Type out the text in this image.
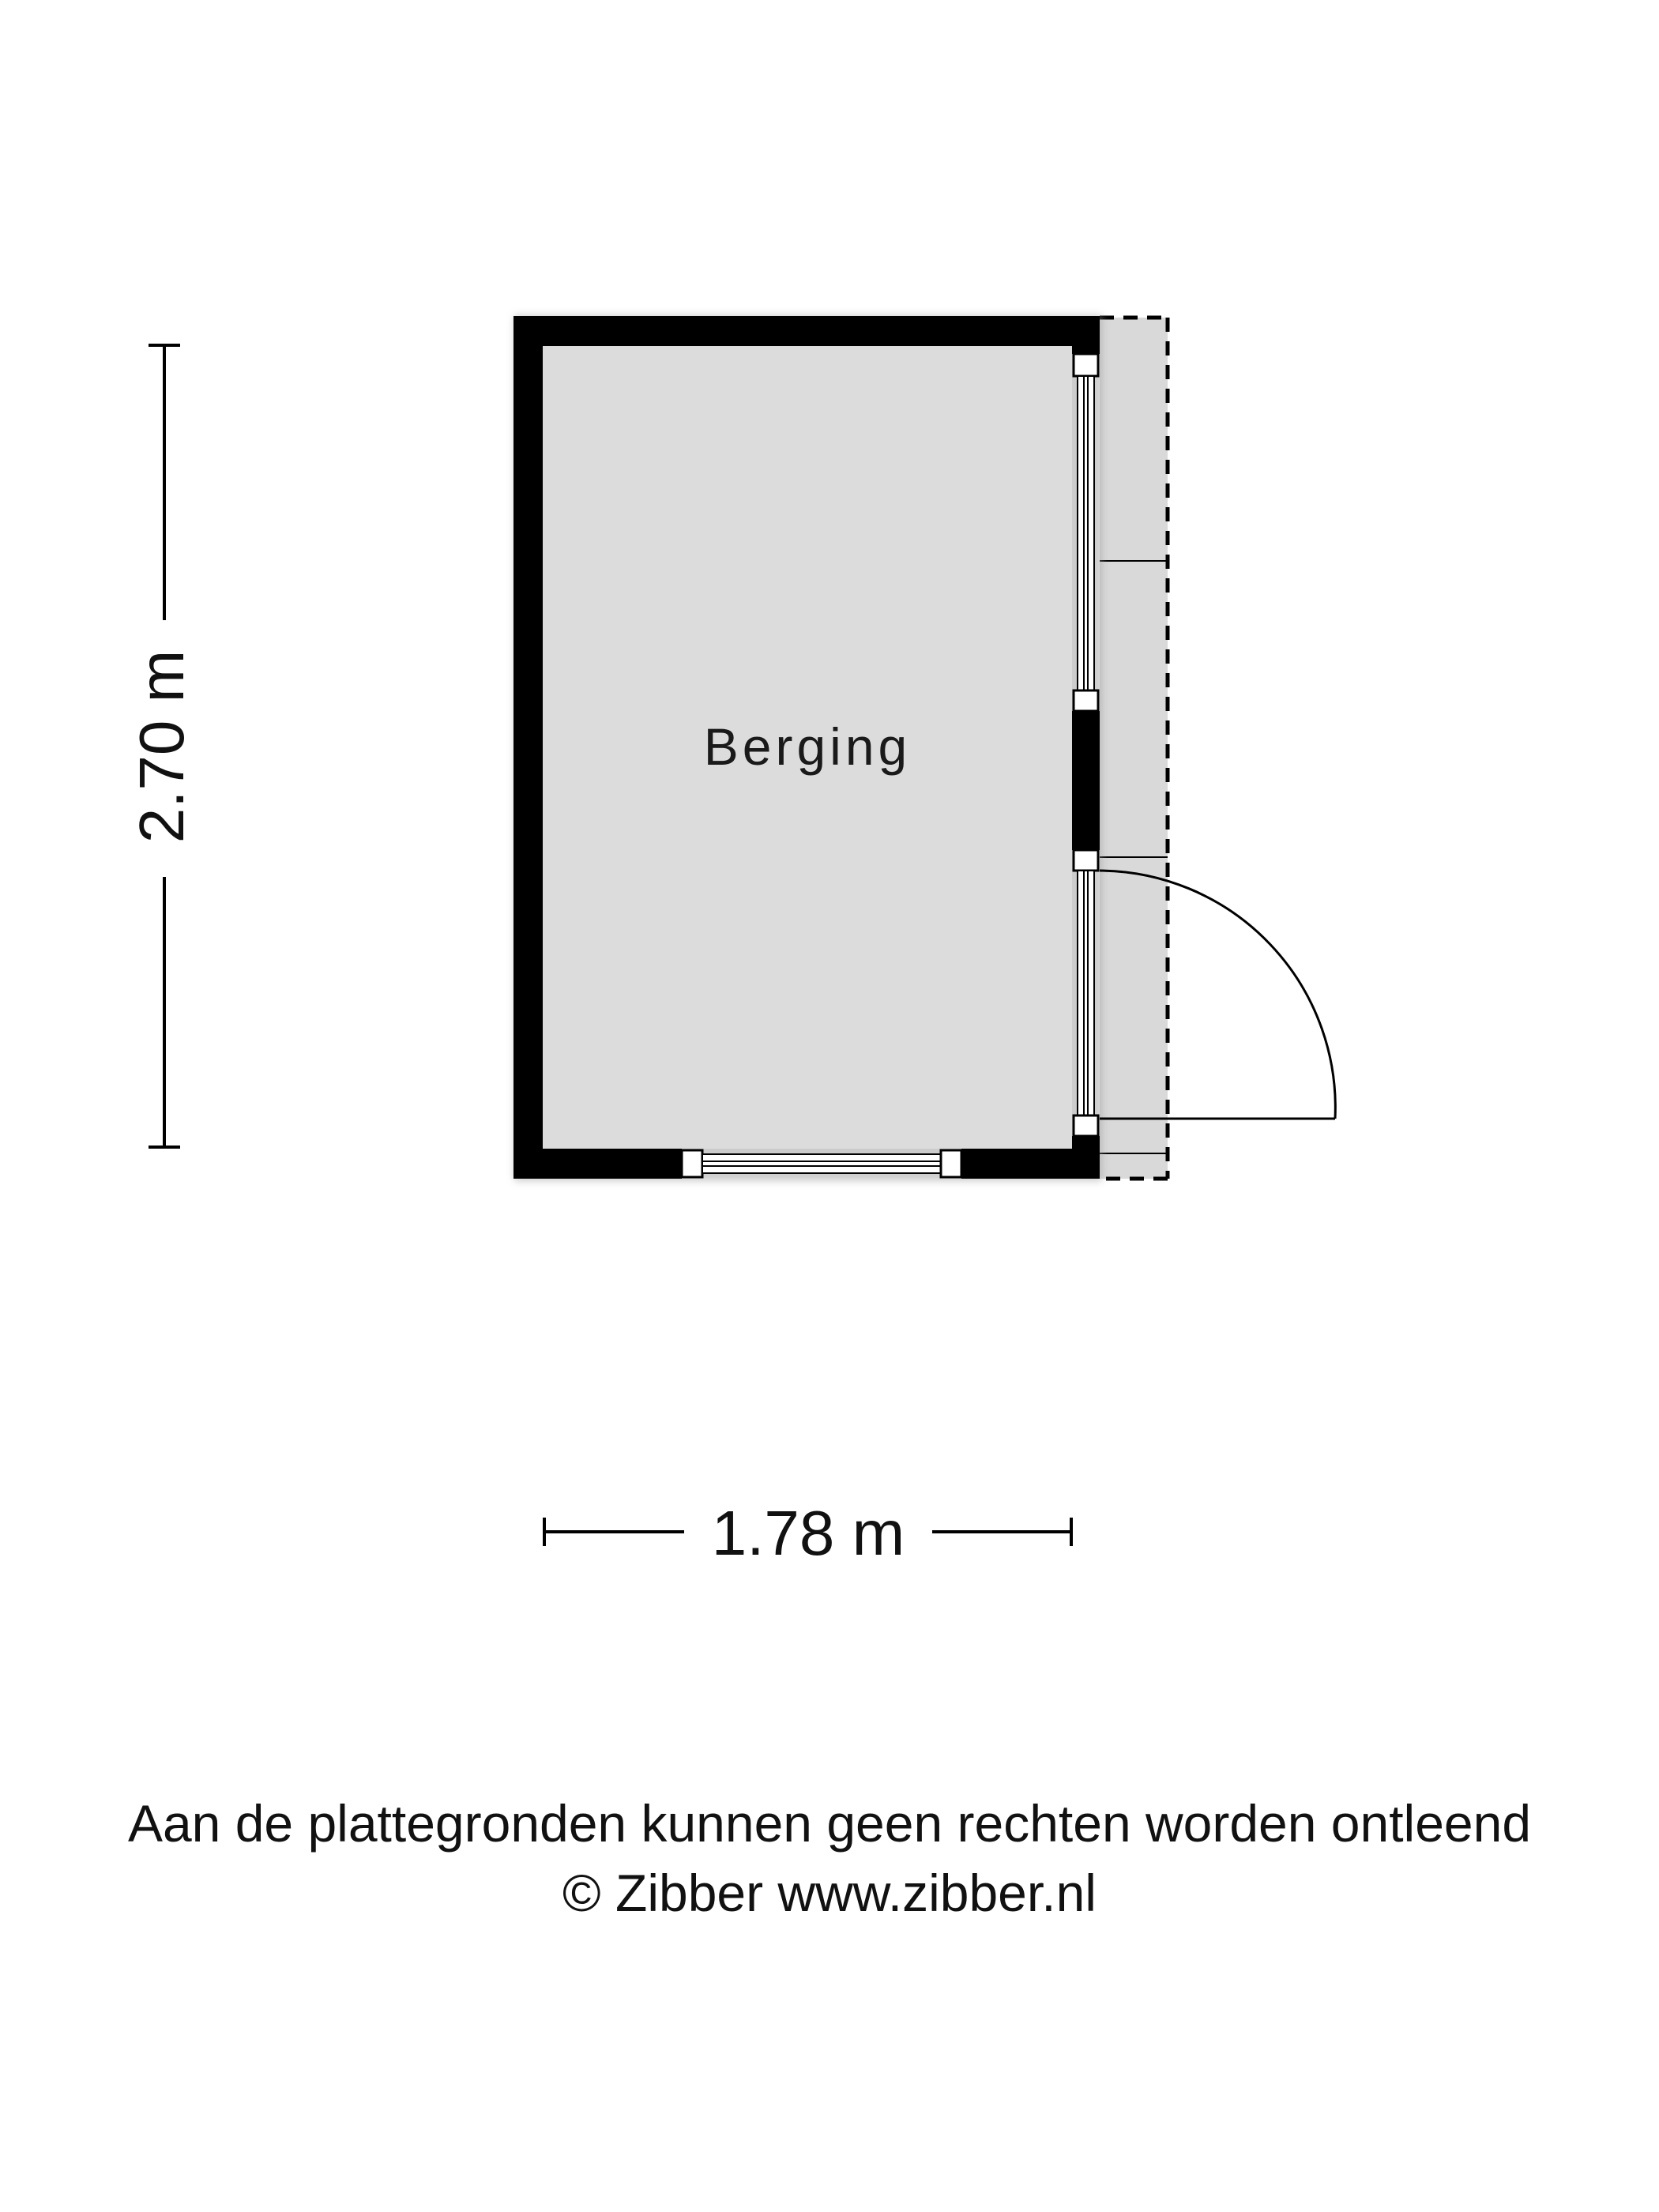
Berging
2.70 m
1.78 m
Aan de plattegronden kunnen geen rechten worden ontleend
© Zibber www.zibber.nl
